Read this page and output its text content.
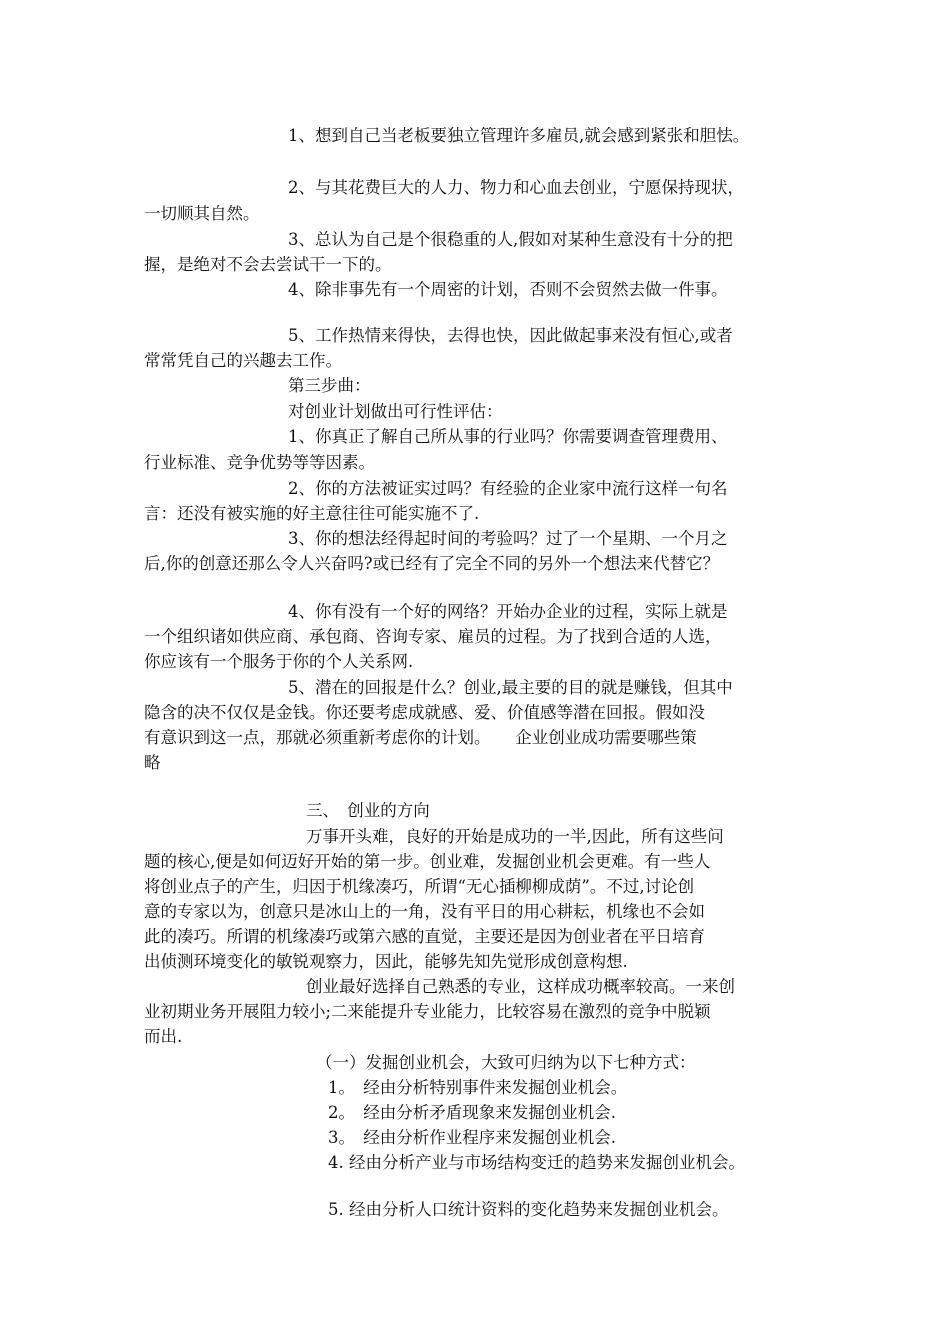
1、想到自己当老板要独立管理许多雇员,就会感到紧张和胆怯。
2、与其花费巨大的人力、物力和心血去创业，宁愿保持现状，
一切顺其自然。
3、总认为自己是个很稳重的人,假如对某种生意没有十分的把
握，是绝对不会去尝试干一下的。
4、除非事先有一个周密的计划，否则不会贸然去做一件事。
5、工作热情来得快，去得也快，因此做起事来没有恒心,或者
常常凭自己的兴趣去工作。
第三步曲：
对创业计划做出可行性评估：
1、你真正了解自己所从事的行业吗？你需要调查管理费用、
行业标准、竞争优势等等因素。
2、你的方法被证实过吗？有经验的企业家中流行这样一句名
言：还没有被实施的好主意往往可能实施不了.
3、你的想法经得起时间的考验吗？过了一个星期、一个月之
后,你的创意还那么令人兴奋吗?或已经有了完全不同的另外一个想法来代替它？
4、你有没有一个好的网络？开始办企业的过程，实际上就是
一个组织诸如供应商、承包商、咨询专家、雇员的过程。为了找到合适的人选，
你应该有一个服务于你的个人关系网.
5、潜在的回报是什么？创业,最主要的目的就是赚钱，但其中
隐含的决不仅仅是金钱。你还要考虑成就感、爱、价值感等潜在回报。假如没
有意识到这一点，那就必须重新考虑你的计划。　　企业创业成功需要哪些策
略
三、　创业的方向
万事开头难，良好的开始是成功的一半,因此，所有这些问
题的核心,便是如何迈好开始的第一步。创业难，发掘创业机会更难。有一些人
将创业点子的产生，归因于机缘凑巧，所谓“无心插柳柳成荫”。不过,讨论创
意的专家以为，创意只是冰山上的一角，没有平日的用心耕耘，机缘也不会如
此的凑巧。所谓的机缘凑巧或第六感的直觉，主要还是因为创业者在平日培育
出侦测环境变化的敏锐观察力，因此，能够先知先觉形成创意构想.
创业最好选择自己熟悉的专业，这样成功概率较高。一来创
业初期业务开展阻力较小;二来能提升专业能力，比较容易在激烈的竞争中脱颖
而出.
（一）发掘创业机会，大致可归纳为以下七种方式：
1。　经由分析特别事件来发掘创业机会。
2。　经由分析矛盾现象来发掘创业机会.
3。　经由分析作业程序来发掘创业机会.
4. 经由分析产业与市场结构变迁的趋势来发掘创业机会。
5. 经由分析人口统计资料的变化趋势来发掘创业机会。
